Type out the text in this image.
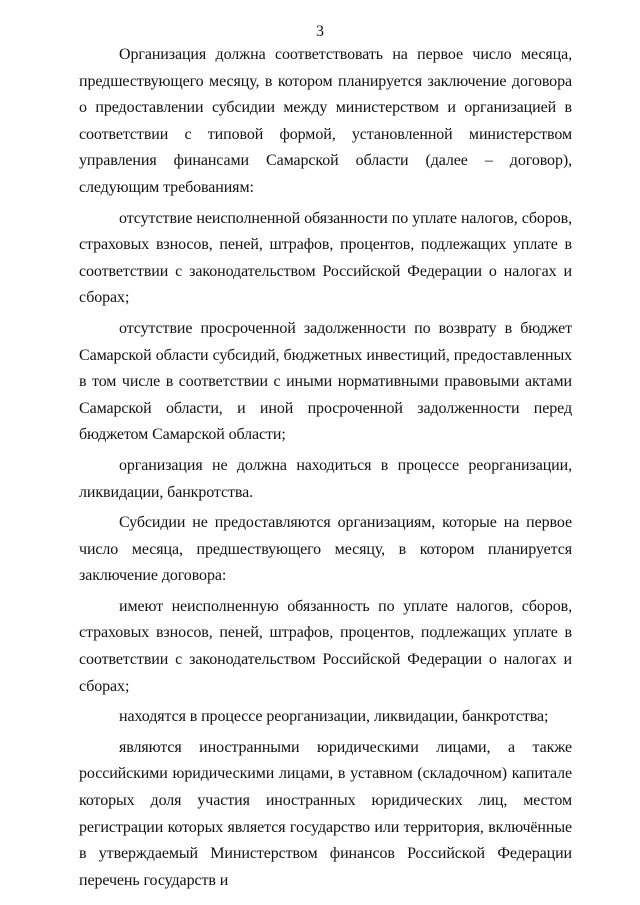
3

Организация должна соответствовать на первое число месяца, предшествующего месяцу, в котором планируется заключение договора о предоставлении субсидии между министерством и организацией в соответствии с типовой формой, установленной министерством управления финансами Самарской области (далее – договор), следующим требованиям:

отсутствие неисполненной обязанности по уплате налогов, сборов, страховых взносов, пеней, штрафов, процентов, подлежащих уплате в соответствии с законодательством Российской Федерации о налогах и сборах;

отсутствие просроченной задолженности по возврату в бюджет Самарской области субсидий, бюджетных инвестиций, предоставленных в том числе в соответствии с иными нормативными правовыми актами Самарской области, и иной просроченной задолженности перед бюджетом Самарской области;

организация не должна находиться в процессе реорганизации, ликвидации, банкротства.

Субсидии не предоставляются организациям, которые на первое число месяца, предшествующего месяцу, в котором планируется заключение договора:

имеют неисполненную обязанность по уплате налогов, сборов, страховых взносов, пеней, штрафов, процентов, подлежащих уплате в соответствии с законодательством Российской Федерации о налогах и сборах;

находятся в процессе реорганизации, ликвидации, банкротства;

являются иностранными юридическими лицами, а также российскими юридическими лицами, в уставном (складочном) капитале которых доля участия иностранных юридических лиц, местом регистрации которых является государство или территория, включённые в утверждаемый Министерством финансов Российской Федерации перечень государств и
